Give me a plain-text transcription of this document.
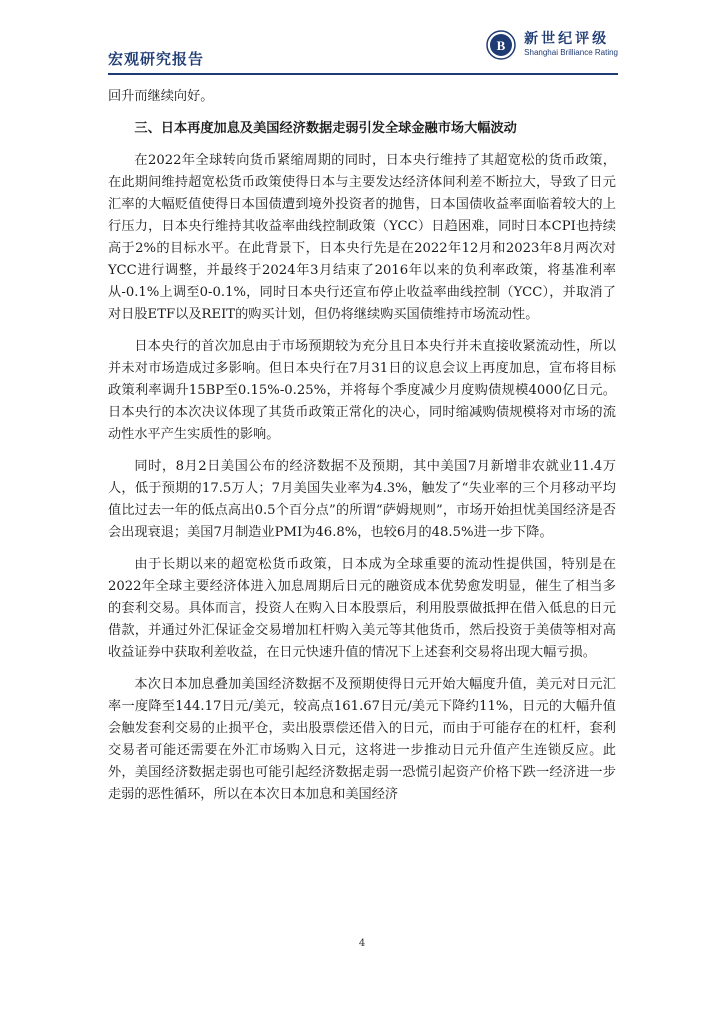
宏观研究报告
B 新世纪评级
Shanghai Brilliance Rating

回升而继续向好。

三、日本再度加息及美国经济数据走弱引发全球金融市场大幅波动

在2022年全球转向货币紧缩周期的同时，日本央行维持了其超宽松的货币政策，在此期间维持超宽松货币政策使得日本与主要发达经济体间利差不断拉大，导致了日元汇率的大幅贬值使得日本国债遭到境外投资者的抛售，日本国债收益率面临着较大的上行压力，日本央行维持其收益率曲线控制政策（YCC）日趋困难，同时日本CPI也持续高于2%的目标水平。在此背景下，日本央行先是在2022年12月和2023年8月两次对YCC进行调整，并最终于2024年3月结束了2016年以来的负利率政策，将基准利率从-0.1%上调至0-0.1%，同时日本央行还宣布停止收益率曲线控制（YCC），并取消了对日股ETF以及REIT的购买计划，但仍将继续购买国债维持市场流动性。

日本央行的首次加息由于市场预期较为充分且日本央行并未直接收紧流动性，所以并未对市场造成过多影响。但日本央行在7月31日的议息会议上再度加息，宣布将目标政策利率调升15BP至0.15%-0.25%，并将每个季度减少月度购债规模4000亿日元。日本央行的本次决议体现了其货币政策正常化的决心，同时缩减购债规模将对市场的流动性水平产生实质性的影响。

同时，8月2日美国公布的经济数据不及预期，其中美国7月新增非农就业11.4万人，低于预期的17.5万人；7月美国失业率为4.3%，触发了“失业率的三个月移动平均值比过去一年的低点高出0.5个百分点”的所谓“萨姆规则”，市场开始担忧美国经济是否会出现衰退；美国7月制造业PMI为46.8%，也较6月的48.5%进一步下降。

由于长期以来的超宽松货币政策，日本成为全球重要的流动性提供国，特别是在2022年全球主要经济体进入加息周期后日元的融资成本优势愈发明显，催生了相当多的套利交易。具体而言，投资人在购入日本股票后，利用股票做抵押在借入低息的日元借款，并通过外汇保证金交易增加杠杆购入美元等其他货币，然后投资于美债等相对高收益证券中获取利差收益，在日元快速升值的情况下上述套利交易将出现大幅亏损。

本次日本加息叠加美国经济数据不及预期使得日元开始大幅度升值，美元对日元汇率一度降至144.17日元/美元，较高点161.67日元/美元下降约11%，日元的大幅升值会触发套利交易的止损平仓，卖出股票偿还借入的日元，而由于可能存在的杠杆，套利交易者可能还需要在外汇市场购入日元，这将进一步推动日元升值产生连锁反应。此外，美国经济数据走弱也可能引起经济数据走弱一恐慌引起资产价格下跌一经济进一步走弱的恶性循环，所以在本次日本加息和美国经济

4
